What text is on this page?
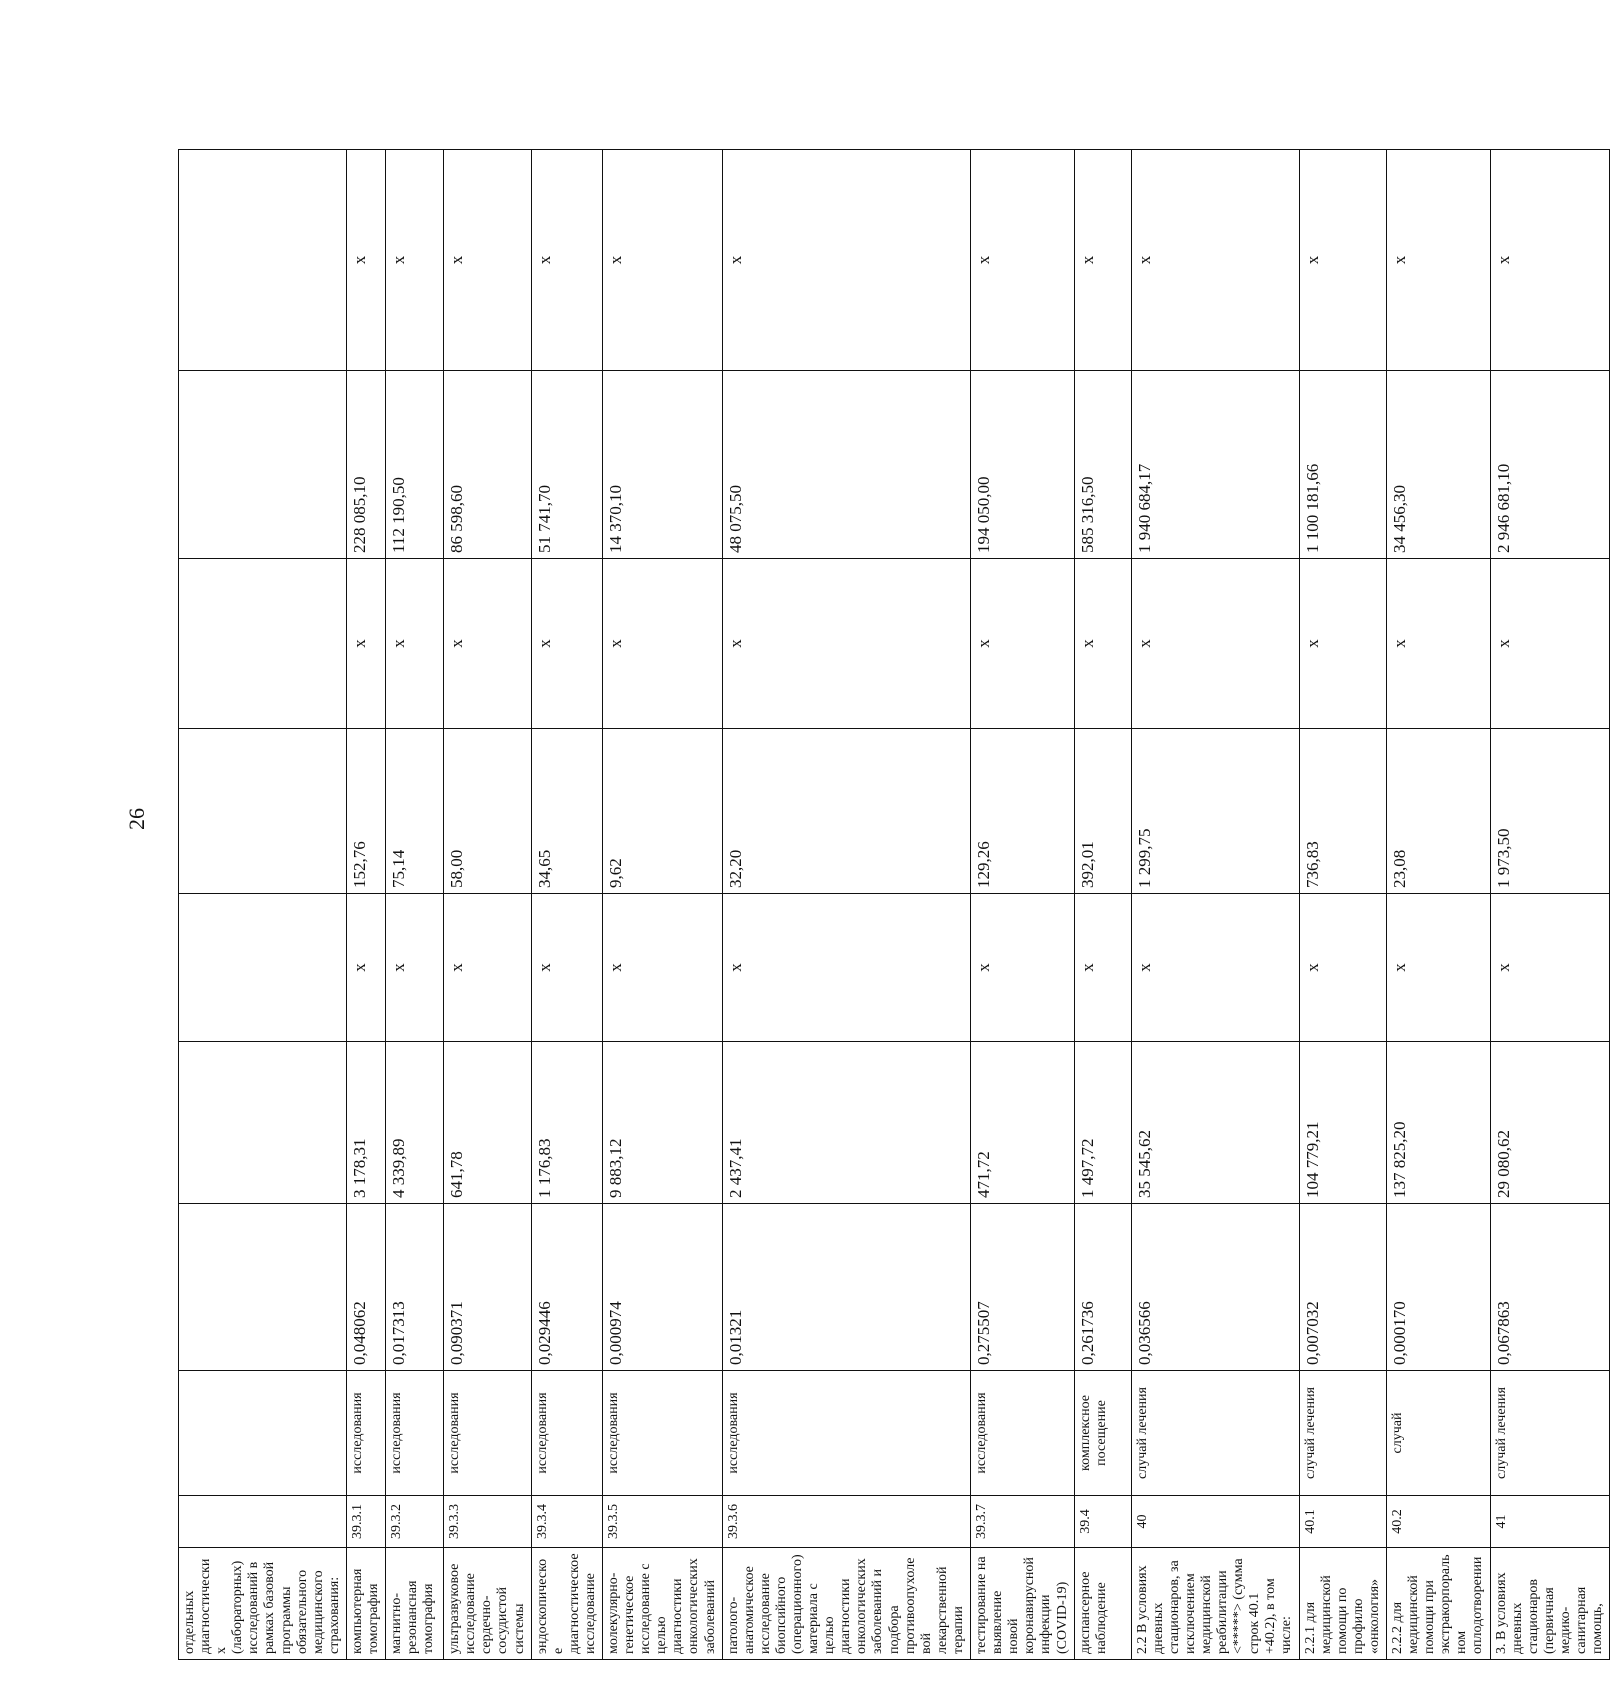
26
отдельных диагностических (лабораторных) исследований в рамках базовой программы обязательного медицинского страхования:									
компьютерная томография	39.3.1	исследования	0,048062	3 178,31	х	152,76	х	228 085,10	х
магнитно-резонансная томография	39.3.2	исследования	0,017313	4 339,89	х	75,14	х	112 190,50	х
ультразвуковое исследование сердечно-сосудистой системы	39.3.3	исследования	0,090371	641,78	х	58,00	х	86 598,60	х
эндоскопическое диагностическое исследование	39.3.4	исследования	0,029446	1 176,83	х	34,65	х	51 741,70	х
молекулярно-генетическое исследование с целью диагностики онкологических заболеваний	39.3.5	исследования	0,000974	9 883,12	х	9,62	х	14 370,10	х
патолого-анатомическое исследование биопсийного (операционного) материала с целью диагностики онкологических заболеваний и подбора противоопухолевой лекарственной терапии	39.3.6	исследования	0,01321	2 437,41	х	32,20	х	48 075,50	х
тестирование на выявление новой коронавирусной инфекции (COVID-19)	39.3.7	исследования	0,275507	471,72	х	129,26	х	194 050,00	х
диспансерное наблюдение	39.4	комплексное посещение	0,261736	1 497,72	х	392,01	х	585 316,50	х
2.2 В условиях дневных стационаров, за исключением медицинской реабилитации <*****> (сумма строк 40.1 +40.2), в том числе:	40	случай лечения	0,036566	35 545,62	х	1 299,75	х	1 940 684,17	х
2.2.1 для медицинской помощи по профилю «онкология»	40.1	случай лечения	0,007032	104 779,21	х	736,83	х	1 100 181,66	х
2.2.2 для медицинской помощи при экстракорпоральном оплодотворении	40.2	случай	0,000170	137 825,20	х	23,08	х	34 456,30	х
3. В условиях дневных стационаров (первичная медико-санитарная помощь,	41	случай лечения	0,067863	29 080,62	х	1 973,50	х	2 946 681,10	х
